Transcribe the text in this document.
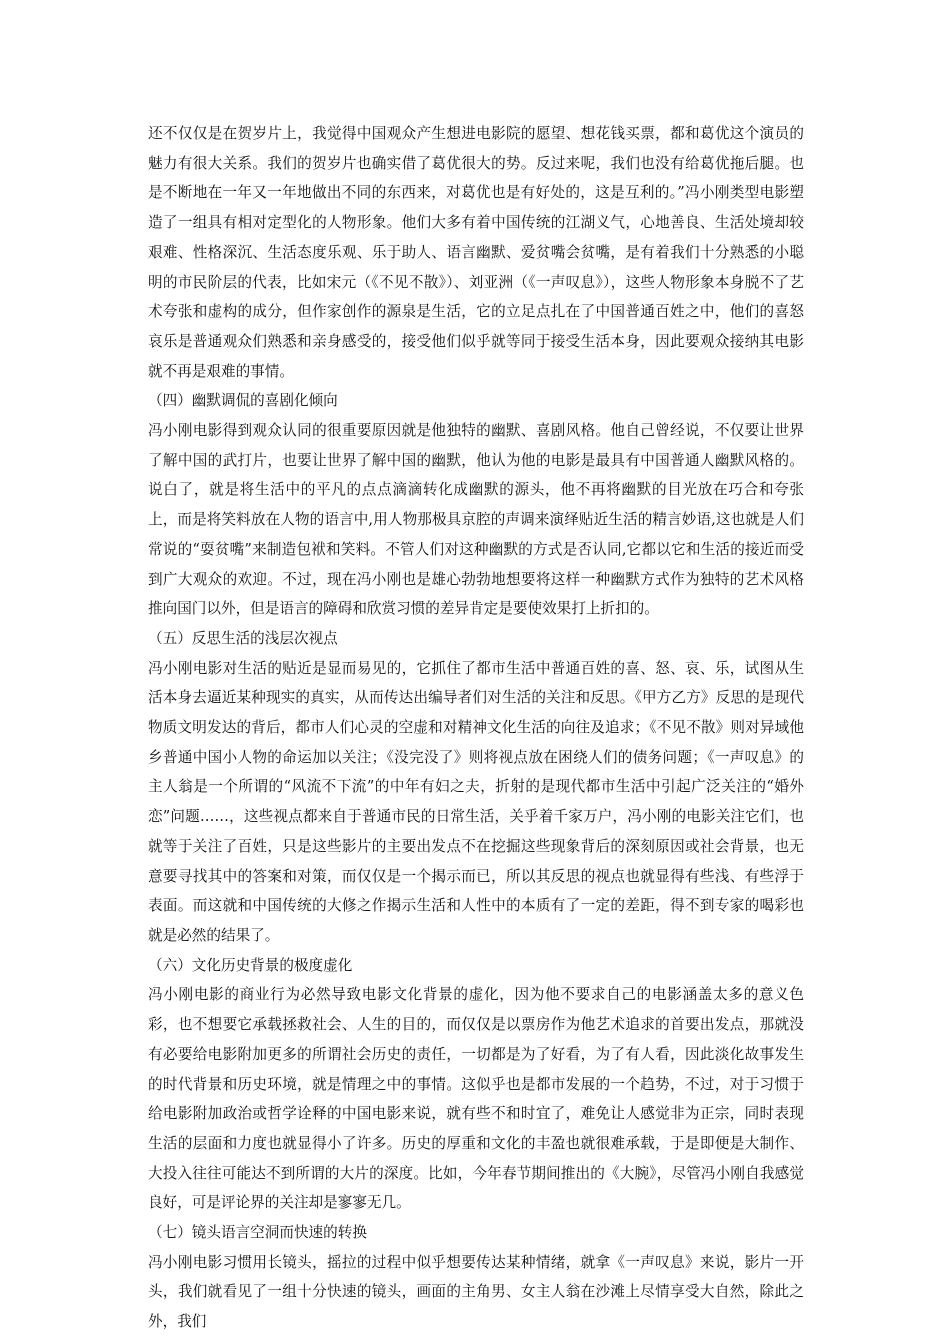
还不仅仅是在贺岁片上，我觉得中国观众产生想进电影院的愿望、想花钱买票，都和葛优这个演员的魅力有很大关系。我们的贺岁片也确实借了葛优很大的势。反过来呢，我们也没有给葛优拖后腿。也是不断地在一年又一年地做出不同的东西来，对葛优也是有好处的，这是互利的。”冯小刚类型电影塑造了一组具有相对定型化的人物形象。他们大多有着中国传统的江湖义气，心地善良、生活处境却较艰难、性格深沉、生活态度乐观、乐于助人、语言幽默、爱贫嘴会贫嘴，是有着我们十分熟悉的小聪明的市民阶层的代表，比如宋元（《不见不散》）、刘亚洲（《一声叹息》），这些人物形象本身脱不了艺术夸张和虚构的成分，但作家创作的源泉是生活，它的立足点扎在了中国普通百姓之中，他们的喜怒哀乐是普通观众们熟悉和亲身感受的，接受他们似乎就等同于接受生活本身，因此要观众接纳其电影就不再是艰难的事情。

（四）幽默调侃的喜剧化倾向

冯小刚电影得到观众认同的很重要原因就是他独特的幽默、喜剧风格。他自己曾经说，不仅要让世界了解中国的武打片，也要让世界了解中国的幽默，他认为他的电影是最具有中国普通人幽默风格的。说白了，就是将生活中的平凡的点点滴滴转化成幽默的源头，他不再将幽默的目光放在巧合和夸张上，而是将笑料放在人物的语言中,用人物那极具京腔的声调来演绎贴近生活的精言妙语,这也就是人们常说的“耍贫嘴”来制造包袱和笑料。不管人们对这种幽默的方式是否认同,它都以它和生活的接近而受到广大观众的欢迎。不过，现在冯小刚也是雄心勃勃地想要将这样一种幽默方式作为独特的艺术风格推向国门以外，但是语言的障碍和欣赏习惯的差异肯定是要使效果打上折扣的。

（五）反思生活的浅层次视点

冯小刚电影对生活的贴近是显而易见的，它抓住了都市生活中普通百姓的喜、怒、哀、乐，试图从生活本身去逼近某种现实的真实，从而传达出编导者们对生活的关注和反思。《甲方乙方》反思的是现代物质文明发达的背后，都市人们心灵的空虚和对精神文化生活的向往及追求；《不见不散》则对异域他乡普通中国小人物的命运加以关注；《没完没了》则将视点放在困绕人们的债务问题；《一声叹息》的主人翁是一个所谓的“风流不下流”的中年有妇之夫，折射的是现代都市生活中引起广泛关注的“婚外恋”问题……，这些视点都来自于普通市民的日常生活，关乎着千家万户，冯小刚的电影关注它们，也就等于关注了百姓，只是这些影片的主要出发点不在挖掘这些现象背后的深刻原因或社会背景，也无意要寻找其中的答案和对策，而仅仅是一个揭示而已，所以其反思的视点也就显得有些浅、有些浮于表面。而这就和中国传统的大修之作揭示生活和人性中的本质有了一定的差距，得不到专家的喝彩也就是必然的结果了。

（六）文化历史背景的极度虚化

冯小刚电影的商业行为必然导致电影文化背景的虚化，因为他不要求自己的电影涵盖太多的意义色彩，也不想要它承载拯救社会、人生的目的，而仅仅是以票房作为他艺术追求的首要出发点，那就没有必要给电影附加更多的所谓社会历史的责任，一切都是为了好看，为了有人看，因此淡化故事发生的时代背景和历史环境，就是情理之中的事情。这似乎也是都市发展的一个趋势，不过，对于习惯于给电影附加政治或哲学诠释的中国电影来说，就有些不和时宜了，难免让人感觉非为正宗，同时表现生活的层面和力度也就显得小了许多。历史的厚重和文化的丰盈也就很难承载，于是即便是大制作、大投入往往可能达不到所谓的大片的深度。比如，今年春节期间推出的《大腕》，尽管冯小刚自我感觉良好，可是评论界的关注却是寥寥无几。

（七）镜头语言空洞而快速的转换

冯小刚电影习惯用长镜头，摇拉的过程中似乎想要传达某种情绪，就拿《一声叹息》来说，影片一开头，我们就看见了一组十分快速的镜头，画面的主角男、女主人翁在沙滩上尽情享受大自然，除此之外，我们
